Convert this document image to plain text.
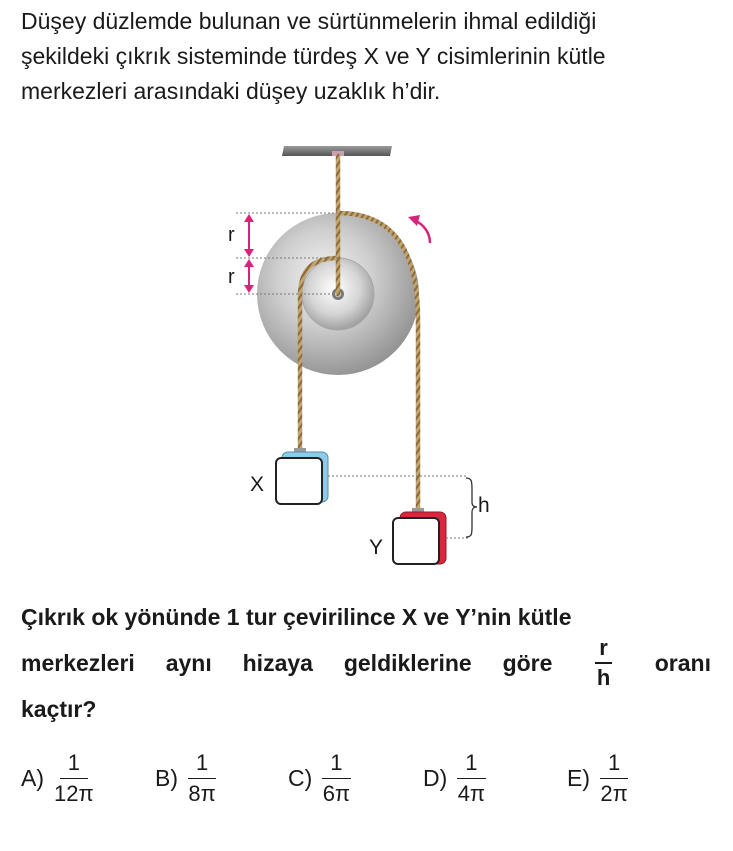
Düşey düzlemde bulunan ve sürtünmelerin ihmal edildiği

şekildeki çıkrık sisteminde türdeş X ve Y cisimlerinin kütle

merkezleri arasındaki düşey uzaklık h’dir.

r
r
X
Y
h
Çıkrık ok yönünde 1 tur çevirilince X ve Y’nin kütle
merkezleri aynı hizaya geldiklerine göre $\frac{r}{h}$ oranı
kaçtır?
$A) \frac{1}{12\pi}$	$B) \frac{1}{8\pi}$	$C) \frac{1}{6\pi}$	$D) \frac{1}{4\pi}$	$E) \frac{1}{2\pi}$
